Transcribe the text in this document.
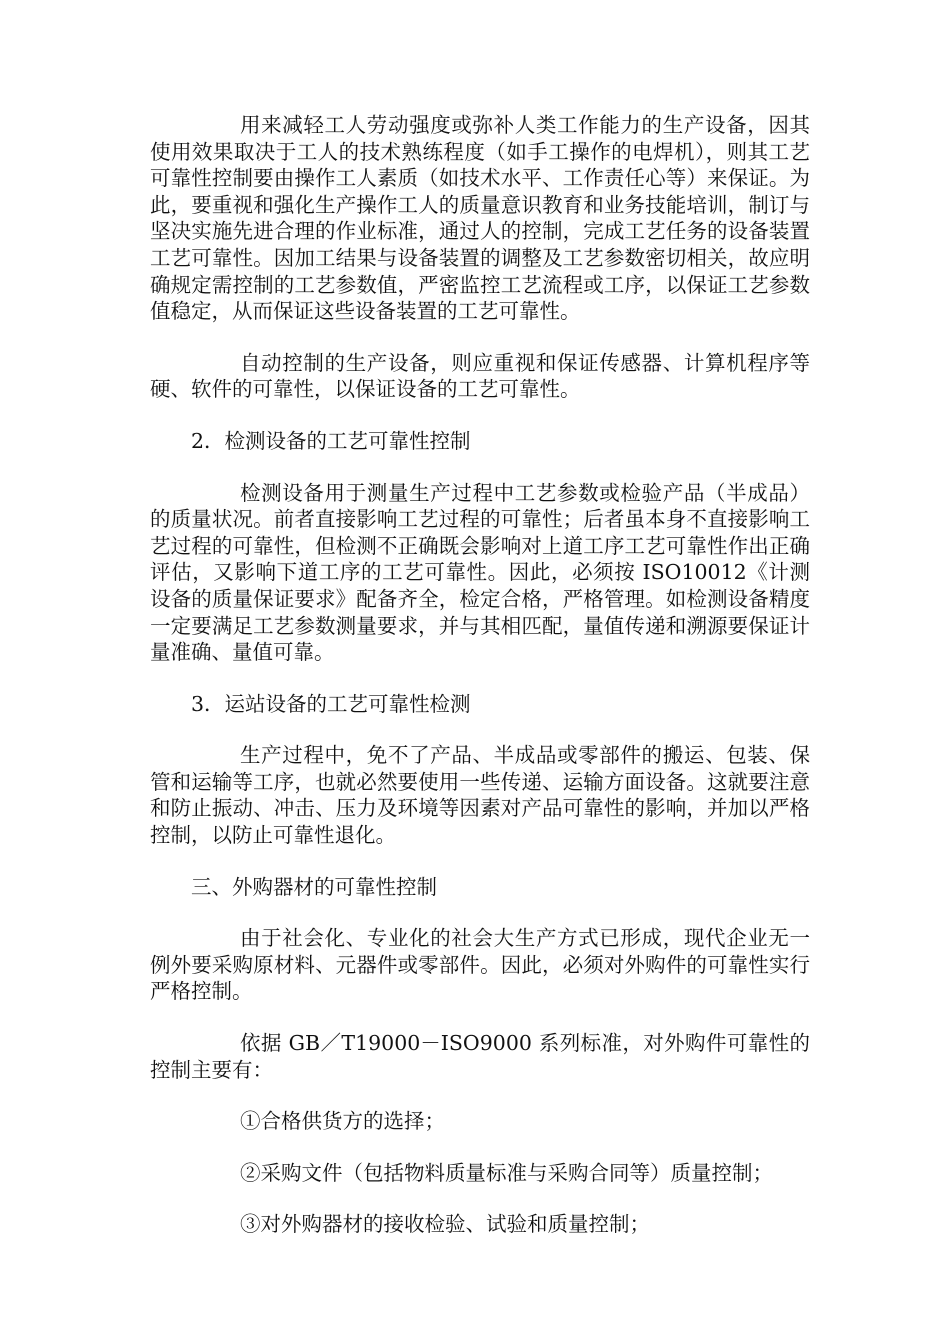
用来减轻工人劳动强度或弥补人类工作能力的生产设备，因其使用效果取决于工人的技术熟练程度（如手工操作的电焊机），则其工艺可靠性控制要由操作工人素质（如技术水平、工作责任心等）来保证。为此，要重视和强化生产操作工人的质量意识教育和业务技能培训，制订与坚决实施先进合理的作业标准，通过人的控制，完成工艺任务的设备装置工艺可靠性。因加工结果与设备装置的调整及工艺参数密切相关，故应明确规定需控制的工艺参数值，严密监控工艺流程或工序，以保证工艺参数值稳定，从而保证这些设备装置的工艺可靠性。

自动控制的生产设备，则应重视和保证传感器、计算机程序等硬、软件的可靠性，以保证设备的工艺可靠性。

2．检测设备的工艺可靠性控制

检测设备用于测量生产过程中工艺参数或检验产品（半成品）的质量状况。前者直接影响工艺过程的可靠性；后者虽本身不直接影响工艺过程的可靠性，但检测不正确既会影响对上道工序工艺可靠性作出正确评估，又影响下道工序的工艺可靠性。因此，必须按 ISO10012《计测设备的质量保证要求》配备齐全，检定合格，严格管理。如检测设备精度一定要满足工艺参数测量要求，并与其相匹配，量值传递和溯源要保证计量准确、量值可靠。

3．运站设备的工艺可靠性检测

生产过程中，免不了产品、半成品或零部件的搬运、包装、保管和运输等工序，也就必然要使用一些传递、运输方面设备。这就要注意和防止振动、冲击、压力及环境等因素对产品可靠性的影响，并加以严格控制，以防止可靠性退化。

三、外购器材的可靠性控制

由于社会化、专业化的社会大生产方式已形成，现代企业无一例外要采购原材料、元器件或零部件。因此，必须对外购件的可靠性实行严格控制。

依据 GB／T19000－ISO9000 系列标准，对外购件可靠性的控制主要有：

①合格供货方的选择；

②采购文件（包括物料质量标准与采购合同等）质量控制；

③对外购器材的接收检验、试验和质量控制；
